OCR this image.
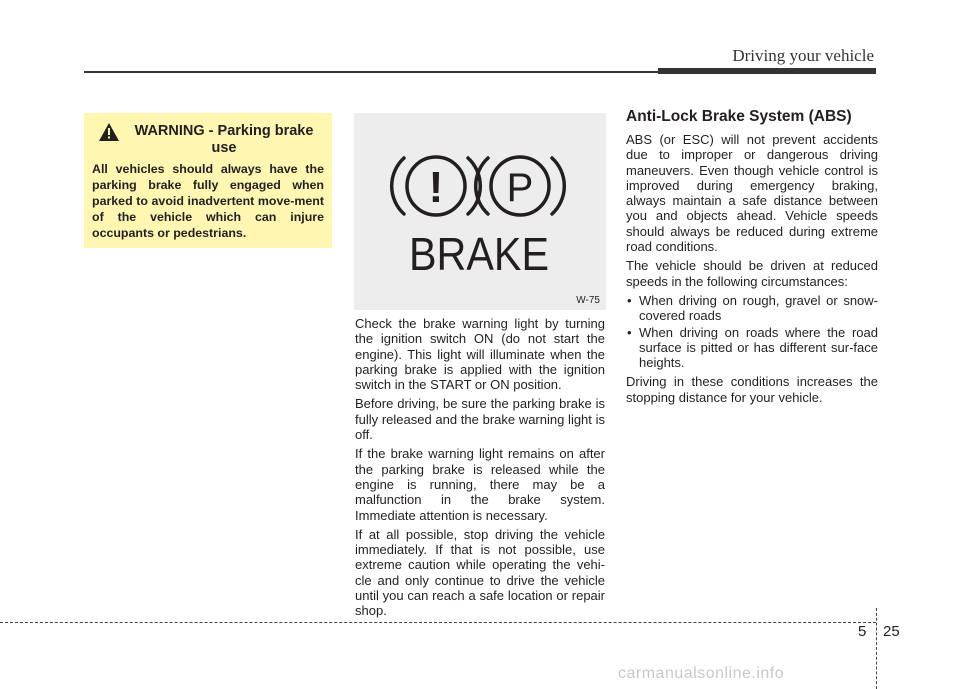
Driving your vehicle
WARNING - Parking brake use
All vehicles should always have the parking brake fully engaged when parked to avoid inadvertent move-ment of the vehicle which can injure occupants or pedestrians.
! P
BRAKE
W-75

Check the brake warning light by turning the ignition switch ON (do not start the engine). This light will illuminate when the parking brake is applied with the ignition switch in the START or ON position.

Before driving, be sure the parking brake is fully released and the brake warning light is off.

If the brake warning light remains on after the parking brake is released while the engine is running, there may be a malfunction in the brake system. Immediate attention is necessary.

If at all possible, stop driving the vehicle immediately. If that is not possible, use extreme caution while operating the vehi-cle and only continue to drive the vehicle until you can reach a safe location or repair shop.

Anti-Lock Brake System (ABS)

ABS (or ESC) will not prevent accidents due to improper or dangerous driving maneuvers. Even though vehicle control is improved during emergency braking, always maintain a safe distance between you and objects ahead. Vehicle speeds should always be reduced during extreme road conditions.

The vehicle should be driven at reduced speeds in the following circumstances:

• When driving on rough, gravel or snow-covered roads
• When driving on roads where the road surface is pitted or has different sur-face heights.

Driving in these conditions increases the stopping distance for your vehicle.

5 25
carmanualsonline.info
